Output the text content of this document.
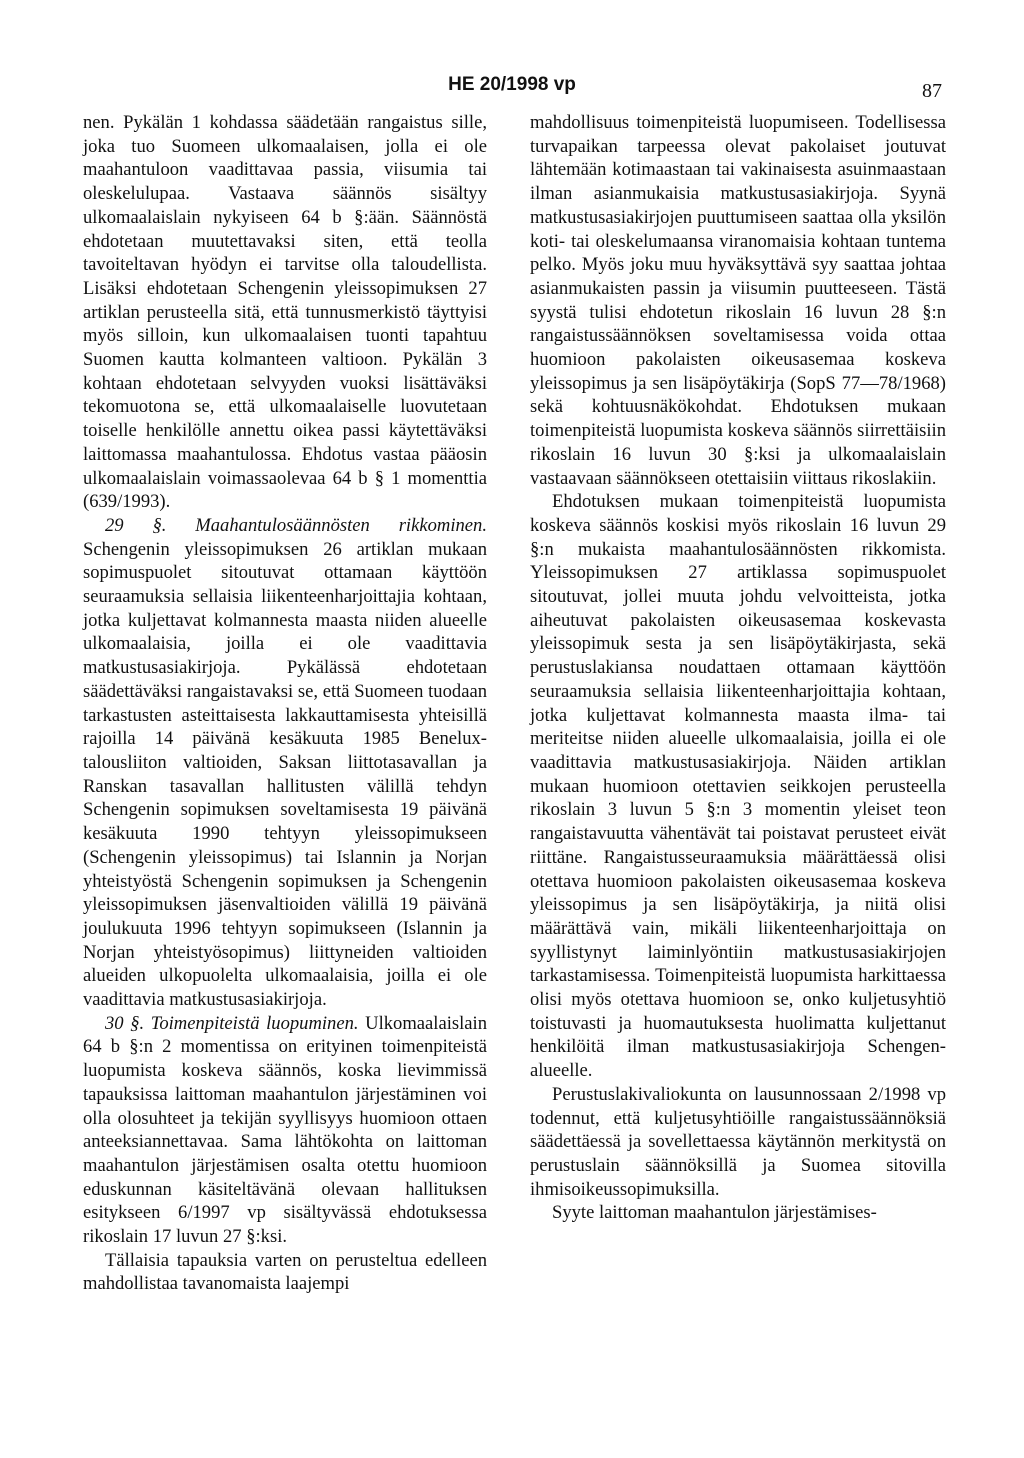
HE 20/1998 vp	87

nen. Pykälän 1 kohdassa säädetään rangaistus sille, joka tuo Suomeen ulkomaalaisen, jolla ei ole maahantuloon vaadittavaa passia, viisumia tai oleskelulupaa. Vastaava säännös sisältyy ulkomaalaislain nykyiseen 64 b §:ään. Säännöstä ehdotetaan muutettavaksi siten, että teolla tavoiteltavan hyödyn ei tarvitse olla taloudellista. Lisäksi ehdotetaan Schengenin yleissopimuksen 27 artiklan perusteella sitä, että tunnusmerkistö täyttyisi myös silloin, kun ulkomaalaisen tuonti tapahtuu Suomen kautta kolmanteen valtioon. Pykälän 3 kohtaan ehdotetaan selvyyden vuoksi lisättäväksi tekomuotona se, että ulkomaalaiselle luovutetaan toiselle henkilölle annettu oikea passi käytettäväksi laittomassa maahantulossa. Ehdotus vastaa pääosin ulkomaalaislain voimassaolevaa 64 b § 1 momenttia (639/1993).

29 §. Maahantulosäännösten rikkominen. Schengenin yleissopimuksen 26 artiklan mukaan sopimuspuolet sitoutuvat ottamaan käyttöön seuraamuksia sellaisia liikenteenharjoittajia kohtaan, jotka kuljettavat kolmannesta maasta niiden alueelle ulkomaalaisia, joilla ei ole vaadittavia matkustusasiakirjoja. Pykälässä ehdotetaan säädettäväksi rangaistavaksi se, että Suomeen tuodaan tarkastusten asteittaisesta lakkauttamisesta yhteisillä rajoilla 14 päivänä kesäkuuta 1985 Benelux-talousliiton valtioiden, Saksan liittotasavallan ja Ranskan tasavallan hallitusten välillä tehdyn Schengenin sopimuksen soveltamisesta 19 päivänä kesäkuuta 1990 tehtyyn yleissopimukseen (Schengenin yleissopimus) tai Islannin ja Norjan yhteistyöstä Schengenin sopimuksen ja Schengenin yleissopimuksen jäsenvaltioiden välillä 19 päivänä joulukuuta 1996 tehtyyn sopimukseen (Islannin ja Norjan yhteistyösopimus) liittyneiden valtioiden alueiden ulkopuolelta ulkomaalaisia, joilla ei ole vaadittavia matkustusasiakirjoja.

30 §. Toimenpiteistä luopuminen. Ulkomaalaislain 64 b §:n 2 momentissa on erityinen toimenpiteistä luopumista koskeva säännös, koska lievimmissä tapauksissa laittoman maahantulon järjestäminen voi olla olosuhteet ja tekijän syyllisyys huomioon ottaen anteeksiannettavaa. Sama lähtökohta on laittoman maahantulon järjestämisen osalta otettu huomioon eduskunnan käsiteltävänä olevaan hallituksen esitykseen 6/1997 vp sisältyvässä ehdotuksessa rikoslain 17 luvun 27 §:ksi.

Tällaisia tapauksia varten on perusteltua edelleen mahdollistaa tavanomaista laajempi

mahdollisuus toimenpiteistä luopumiseen. Todellisessa turvapaikan tarpeessa olevat pakolaiset joutuvat lähtemään kotimaastaan tai vakinaisesta asuinmaastaan ilman asianmukaisia matkustusasiakirjoja. Syynä matkustusasiakirjojen puuttumiseen saattaa olla yksilön koti- tai oleskelumaansa viranomaisia kohtaan tuntema pelko. Myös joku muu hyväksyttävä syy saattaa johtaa asianmukaisten passin ja viisumin puutteeseen. Tästä syystä tulisi ehdotetun rikoslain 16 luvun 28 §:n rangaistussäännöksen soveltamisessa voida ottaa huomioon pakolaisten oikeusasemaa koskeva yleissopimus ja sen lisäpöytäkirja (SopS 77—78/1968) sekä kohtuusnäkökohdat. Ehdotuksen mukaan toimenpiteistä luopumista koskeva säännös siirrettäisiin rikoslain 16 luvun 30 §:ksi ja ulkomaalaislain vastaavaan säännökseen otettaisiin viittaus rikoslakiin.

Ehdotuksen mukaan toimenpiteistä luopumista koskeva säännös koskisi myös rikoslain 16 luvun 29 §:n mukaista maahantulosäännösten rikkomista. Yleissopimuksen 27 artiklassa sopimuspuolet sitoutuvat, jollei muuta johdu velvoitteista, jotka aiheutuvat pakolaisten oikeusasemaa koskevasta yleissopimuk sesta ja sen lisäpöytäkirjasta, sekä perustuslakiansa noudattaen ottamaan käyttöön seuraamuksia sellaisia liikenteenharjoittajia kohtaan, jotka kuljettavat kolmannesta maasta ilma- tai meriteitse niiden alueelle ulkomaalaisia, joilla ei ole vaadittavia matkustusasiakirjoja. Näiden artiklan mukaan huomioon otettavien seikkojen perusteella rikoslain 3 luvun 5 §:n 3 momentin yleiset teon rangaistavuutta vähentävät tai poistavat perusteet eivät riittäne. Rangaistusseuraamuksia määrättäessä olisi otettava huomioon pakolaisten oikeusasemaa koskeva yleissopimus ja sen lisäpöytäkirja, ja niitä olisi määrättävä vain, mikäli liikenteenharjoittaja on syyllistynyt laiminlyöntiin matkustusasiakirjojen tarkastamisessa. Toimenpiteistä luopumista harkittaessa olisi myös otettava huomioon se, onko kuljetusyhtiö toistuvasti ja huomautuksesta huolimatta kuljettanut henkilöitä ilman matkustusasiakirjoja Schengen-alueelle.

Perustuslakivaliokunta on lausunnossaan 2/1998 vp todennut, että kuljetusyhtiöille rangaistussäännöksiä säädettäessä ja sovellettaessa käytännön merkitystä on perustuslain säännöksillä ja Suomea sitovilla ihmisoikeussopimuksilla.

Syyte laittoman maahantulon järjestämises-
